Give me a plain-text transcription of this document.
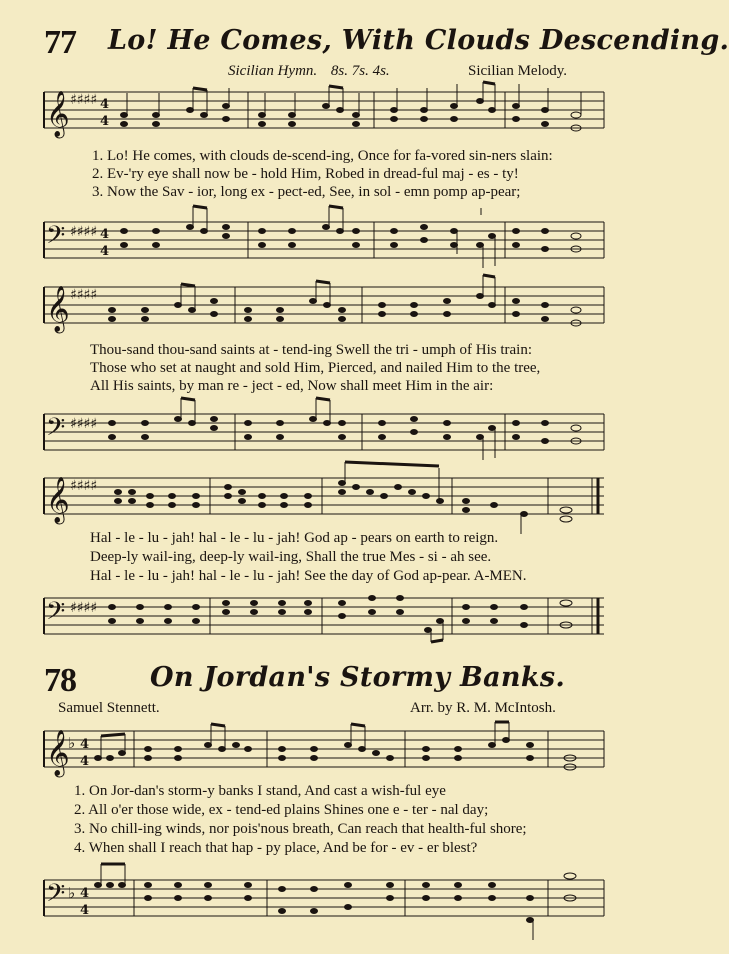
77 Lo! He Comes, With Clouds Descending.
Sicilian Hymn. 8s. 7s. 4s.	Sicilian Melody.
𝄞 ♯♯♯♯ 4
4
1. Lo! He comes, with clouds de-scend-ing, Once for fa-vored sin-ners slain:
2. Ev-'ry eye shall now be - hold Him, Robed in dread-ful maj - es - ty!
3. Now the Sav - ior, long ex - pect-ed, See, in sol - emn pomp ap-pear;
𝄢 ♯♯♯♯ 4
4
𝄞 ♯♯♯♯
Thou-sand thou-sand saints at - tend-ing Swell the tri - umph of His train:
Those who set at naught and sold Him, Pierced, and nailed Him to the tree,
All His saints, by man re - ject - ed, Now shall meet Him in the air:
𝄢 ♯♯♯♯
𝄞 ♯♯♯♯
Hal - le - lu - jah! hal - le - lu - jah! God ap - pears on earth to reign.
Deep-ly wail-ing, deep-ly wail-ing, Shall the true Mes - si - ah see.
Hal - le - lu - jah! hal - le - lu - jah! See the day of God ap-pear. A-MEN.
𝄢 ♯♯♯♯
78	On Jordan's Stormy Banks.
Samuel Stennett.	Arr. by R. M. McIntosh.
𝄞
♭ 4
4
1. On Jor-dan's storm-y banks I stand, And cast a wish-ful eye
2. All o'er those wide, ex - tend-ed plains Shines one e - ter - nal day;
3. No chill-ing winds, nor pois'nous breath, Can reach that health-ful shore;
4. When shall I reach that hap - py place, And be for - ev - er blest?
𝄢 ♭ 4
4
